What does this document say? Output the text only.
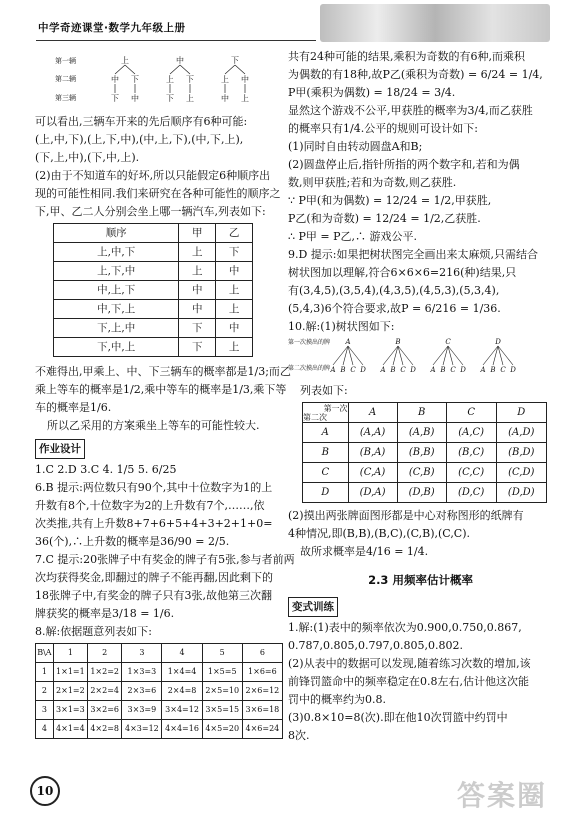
中学奇迹课堂·数学九年级上册
第一辆
第二辆
第三辆
上	中	下
中 下	上 下	上 中
下 中	下 上	中 上

可以看出,三辆车开来的先后顺序有6种可能:

(上,中,下),(上,下,中),(中,上,下),(中,下,上),

(下,上,中),(下,中,上).

(2)由于不知道车的好坏,所以只能假定6种顺序出

现的可能性相同.我们来研究在各种可能性的顺序之

下,甲、乙二人分别会坐上哪一辆汽车,列表如下:

顺序	甲	乙
上,中,下	上	下
上,下,中	上	中
中,上,下	中	上
中,下,上	中	上
下,上,中	下	中
下,中,上	下	上

不难得出,甲乘上、中、下三辆车的概率都是1/3;而乙

乘上等车的概率是1/2,乘中等车的概率是1/3,乘下等

车的概率是1/6.

所以乙采用的方案乘坐上等车的可能性较大.

作业设计

1.C 2.D 3.C 4. 1/5 5. 6/25

6.B 提示:两位数只有90个,其中十位数字为1的上

升数有8个,十位数字为2的上升数有7个,……,依

次类推,共有上升数8+7+6+5+4+3+2+1+0=

36(个),∴上升数的概率是36/90 = 2/5.

7.C 提示:20张牌子中有奖金的牌子有5张,参与者前两

次均获得奖金,即翻过的牌子不能再翻,因此剩下的

18张牌子中,有奖金的牌子只有3张,故他第三次翻

牌获奖的概率是3/18 = 1/6.

8.解:依据题意列表如下:

B\A	1	2	3	4	5	6
1	1×1=1	1×2=2	1×3=3	1×4=4	1×5=5	1×6=6
2	2×1=2	2×2=4	2×3=6	2×4=8	2×5=10	2×6=12
3	3×1=3	3×2=6	3×3=9	3×4=12	3×5=15	3×6=18
4	4×1=4	4×2=8	4×3=12	4×4=16	4×5=20	4×6=24

共有24种可能的结果,乘积为奇数的有6种,而乘积

为偶数的有18种,故P乙(乘积为奇数) = 6/24 = 1/4,

P甲(乘积为偶数) = 18/24 = 3/4.

显然这个游戏不公平,甲获胜的概率为3/4,而乙获胜

的概率只有1/4.公平的规则可设计如下:

(1)同时自由转动圆盘A和B;

(2)圆盘停止后,指针所指的两个数字和,若和为偶

数,则甲获胜;若和为奇数,则乙获胜.

∵ P甲(和为偶数) = 12/24 = 1/2,甲获胜,

P乙(和为奇数) = 12/24 = 1/2,乙获胜.

∴ P甲 = P乙,∴ 游戏公平.

9.D 提示:如果把树状图完全画出来太麻烦,只需结合

树状图加以理解,符合6×6×6=216(种)结果,只

有(3,4,5),(3,5,4),(4,3,5),(4,5,3),(5,3,4),

(5,4,3)6个符合要求,故P = 6/216 = 1/36.

10.解:(1)树状图如下:

第一次摸出的牌
第二次摸出的牌
A
A B C D
B
A B C D
C
A B C D
D
A B C D

列表如下:

第一次
第二次	A	B	C	D
A	(A,A)	(A,B)	(A,C)	(A,D)
B	(B,A)	(B,B)	(B,C)	(B,D)
C	(C,A)	(C,B)	(C,C)	(C,D)
D	(D,A)	(D,B)	(D,C)	(D,D)

(2)摸出两张牌面图形都是中心对称图形的纸牌有

4种情况,即(B,B),(B,C),(C,B),(C,C).

故所求概率是4/16 = 1/4.

2.3 用频率估计概率
变式训练

1.解:(1)表中的频率依次为0.900,0.750,0.867,

0.787,0.805,0.797,0.805,0.802.

(2)从表中的数据可以发现,随着练习次数的增加,该

前锋罚篮命中的频率稳定在0.8左右,估计他这次能

罚中的概率约为0.8.

(3)0.8×10=8(次).即在他10次罚篮中约罚中

8次.

10	答案圈
